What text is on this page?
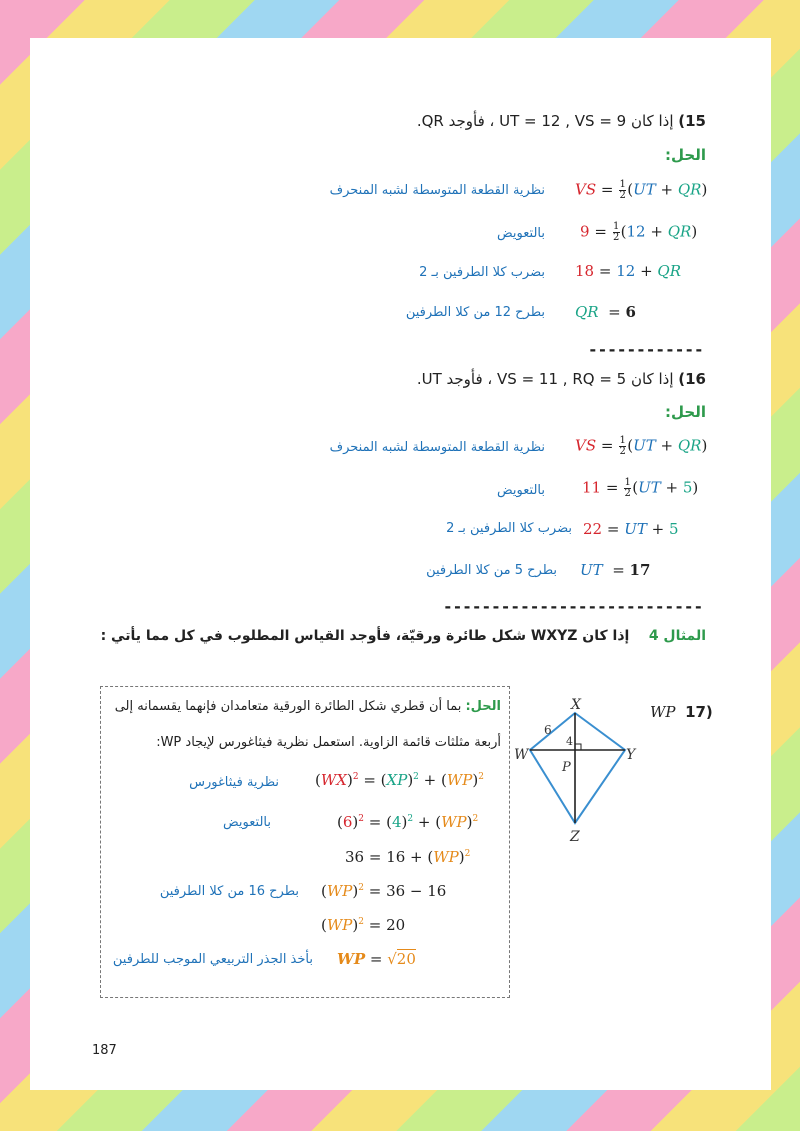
15) إذا كان UT = 12 , VS = 9 ، فأوجد QR.
الحل:
VS = $\frac{1}{2} (UT + QR)$
نظرية القطعة المتوسطة لشبه المنحرف
$9 = \frac{1}{2} (12 + QR)$
بالتعويض
18 = 12 + QR
بضرب كلا الطرفين بـ 2
QR  = 6
بطرح 12 من كلا الطرفين
------------
16) إذا كان VS = 11 , RQ = 5 ، فأوجد UT.
الحل:
VS = $\frac{1}{2} (UT + QR)$
نظرية القطعة المتوسطة لشبه المنحرف
$11 = \frac{1}{2} (UT + 5)$
بالتعويض
22 = UT + 5
بضرب كلا الطرفين بـ 2
UT  = 17
بطرح 5 من كلا الطرفين
---------------------------
المثال 4    إذا كان WXYZ شكل طائرة ورقيّة، فأوجد القياس المطلوب في كل مما يأتي :
WP 17)
X
Y
W
Z
P
6
4
الحل: بما أن قطري شكل الطائرة الورقية متعامدان فإنهما يقسمانه إلى
أربعة مثلثات قائمة الزاوية. استعمل نظرية فيثاغورس لإيجاد WP:
(WX)$^2$ = (XP)$^2$ + (WP)$^2$
نظرية فيثاغورس
$(6)^2 = (4)^2 + (WP)^2$
بالتعويض
36 = 16 + (WP)$^2$
(WP)$^2$ = 36 − 16
بطرح 16 من كلا الطرفين
(WP)$^2$ = 20
WP = √20
بأخذ الجذر التربيعي الموجب للطرفين
187
